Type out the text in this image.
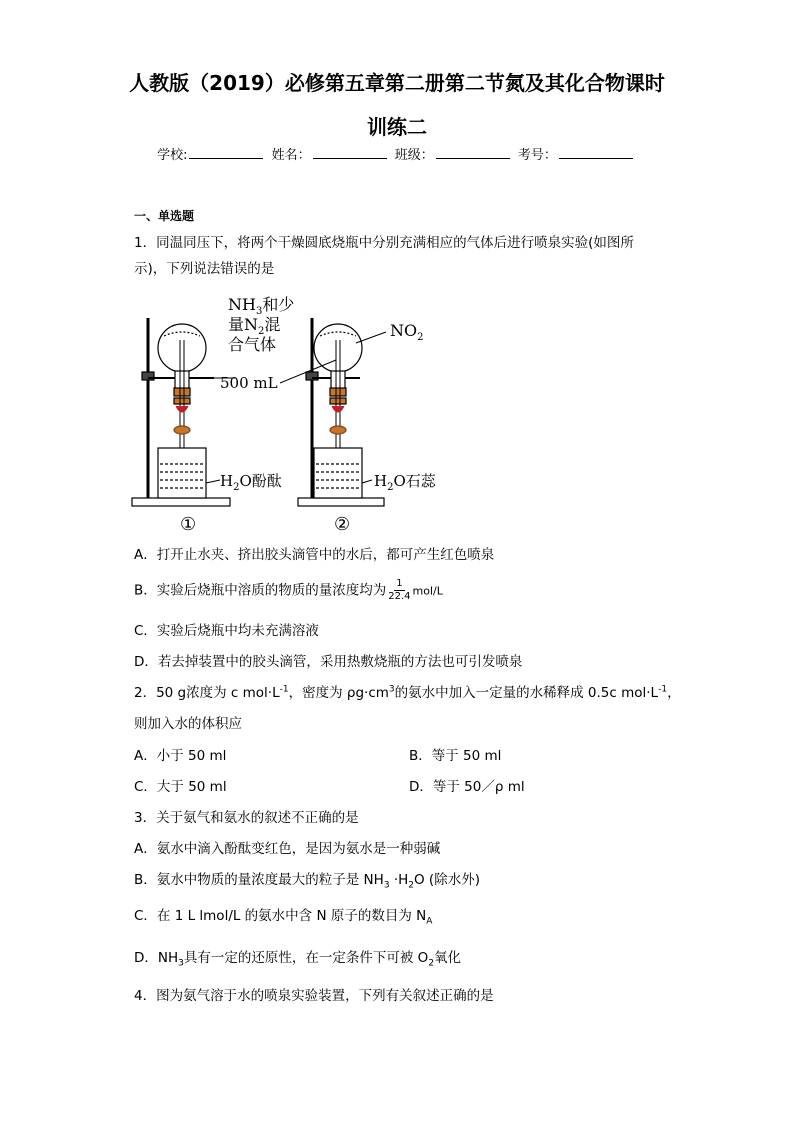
人教版（2019）必修第五章第二册第二节氮及其化合物课时
训练二
学校:	姓名：	班级：	考号：
一、单选题
1．同温同压下，将两个干燥圆底烧瓶中分别充满相应的气体后进行喷泉实验(如图所
示)，下列说法错误的是
$NH_3$和少
量$N_2$混
合气体
500 mL
$NO_2$
$H_2O$酚酞	$H_2O$石蕊
①	②
A．打开止水夹、挤出胶头滴管中的水后，都可产生红色喷泉
B．实验后烧瓶中溶质的物质的量浓度均为 $\frac{1}{22.4} mol/L$
C．实验后烧瓶中均未充满溶液
D．若去掉装置中的胶头滴管，采用热敷烧瓶的方法也可引发喷泉
2．50 g浓度为 c $mol\cdot L^{-1}$，密度为 $\rho g\cdot cm^3$的氨水中加入一定量的水稀释成 0.5c $mol\cdot L^{-1}$，
则加入水的体积应
A．小于 50 ml	B．等于 50 ml
C．大于 50 ml	D．等于 50／ρ ml
3．关于氨气和氨水的叙述不正确的是
A．氨水中滴入酚酞变红色，是因为氨水是一种弱碱
B．氨水中物质的量浓度最大的粒子是 $NH_3 \cdot H_2O$ (除水外)
C．在 1 L lmol/L 的氨水中含 N 原子的数目为 $N_A$
D．$NH_3$具有一定的还原性，在一定条件下可被 $O_2$氧化
4．图为氨气溶于水的喷泉实验装置，下列有关叙述正确的是
